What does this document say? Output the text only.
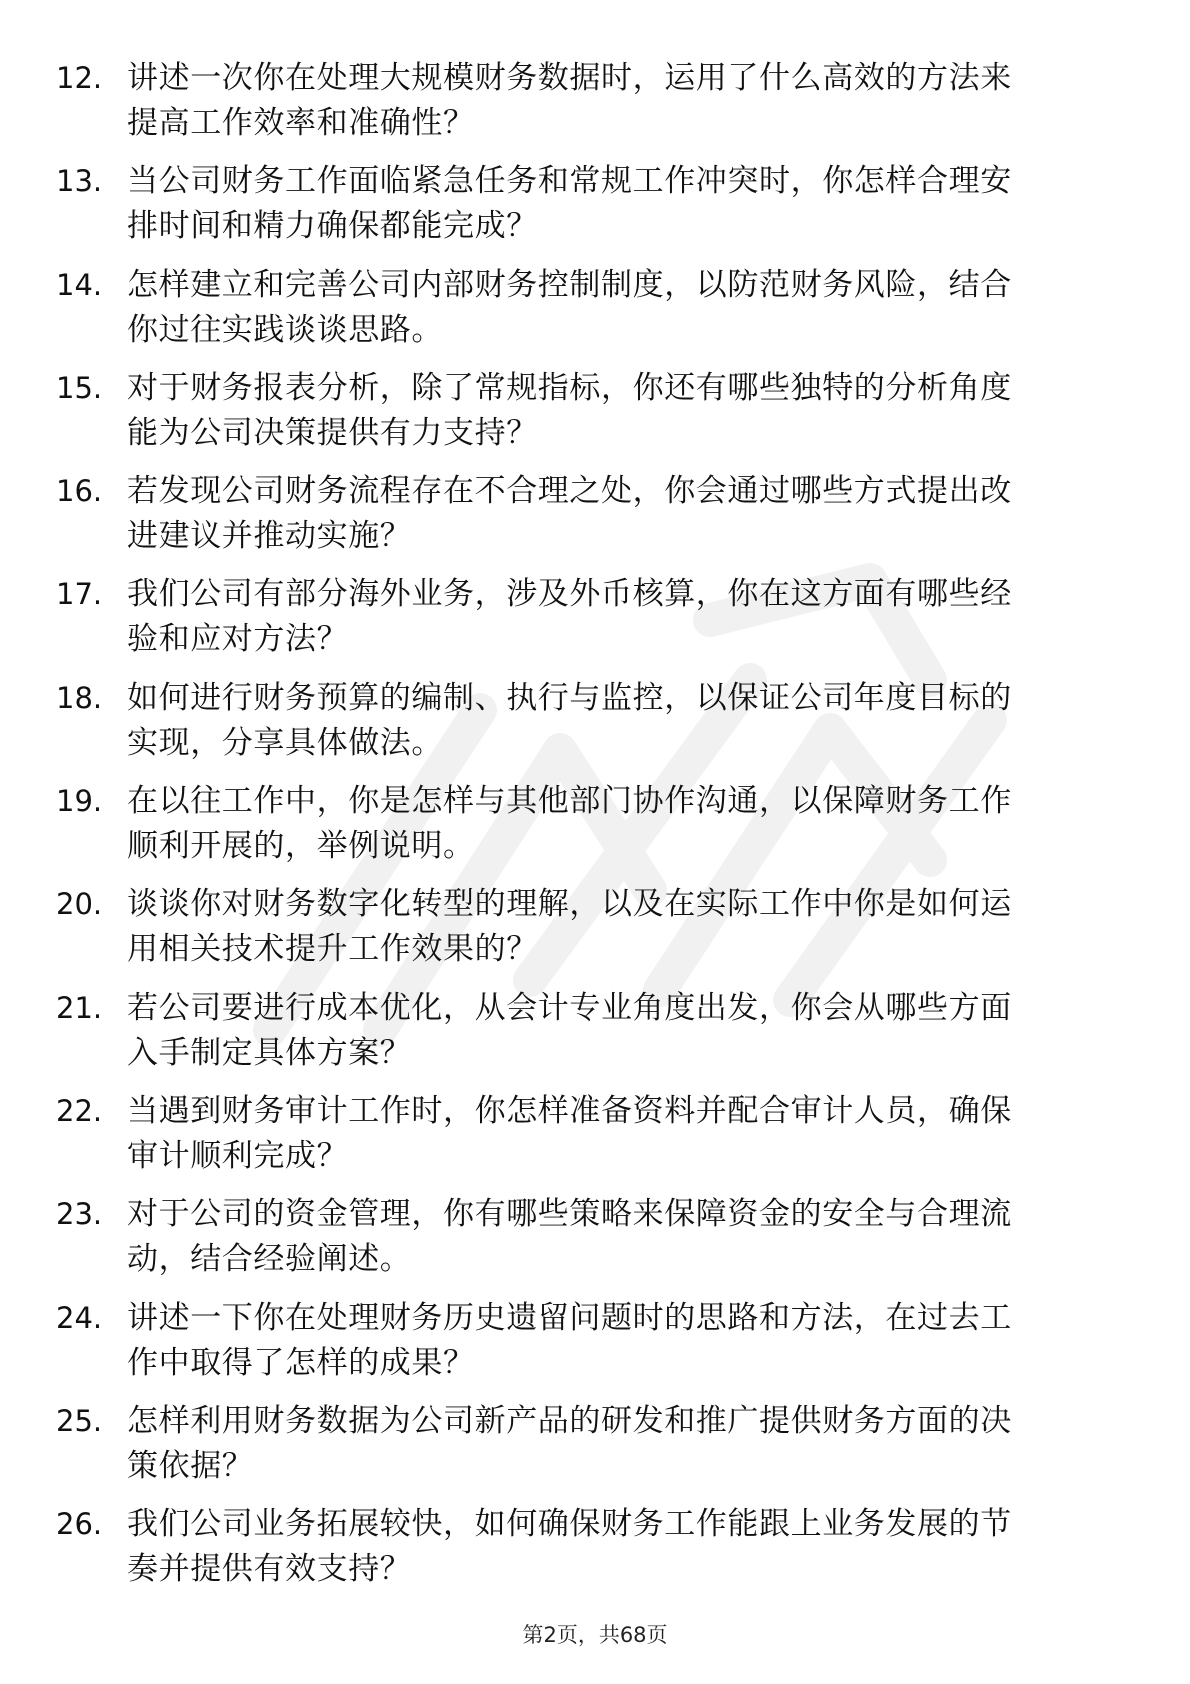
12. 讲述一次你在处理大规模财务数据时，运用了什么高效的方法来
提高工作效率和准确性？
13. 当公司财务工作面临紧急任务和常规工作冲突时，你怎样合理安
排时间和精力确保都能完成？
14. 怎样建立和完善公司内部财务控制制度，以防范财务风险，结合
你过往实践谈谈思路。
15. 对于财务报表分析，除了常规指标，你还有哪些独特的分析角度
能为公司决策提供有力支持？
16. 若发现公司财务流程存在不合理之处，你会通过哪些方式提出改
进建议并推动实施？
17. 我们公司有部分海外业务，涉及外币核算，你在这方面有哪些经
验和应对方法？
18. 如何进行财务预算的编制、执行与监控，以保证公司年度目标的
实现，分享具体做法。
19. 在以往工作中，你是怎样与其他部门协作沟通，以保障财务工作
顺利开展的，举例说明。
20. 谈谈你对财务数字化转型的理解，以及在实际工作中你是如何运
用相关技术提升工作效果的？
21. 若公司要进行成本优化，从会计专业角度出发，你会从哪些方面
入手制定具体方案？
22. 当遇到财务审计工作时，你怎样准备资料并配合审计人员，确保
审计顺利完成？
23. 对于公司的资金管理，你有哪些策略来保障资金的安全与合理流
动，结合经验阐述。
24. 讲述一下你在处理财务历史遗留问题时的思路和方法，在过去工
作中取得了怎样的成果？
25. 怎样利用财务数据为公司新产品的研发和推广提供财务方面的决
策依据？
26. 我们公司业务拓展较快，如何确保财务工作能跟上业务发展的节
奏并提供有效支持？
第2页，共68页
